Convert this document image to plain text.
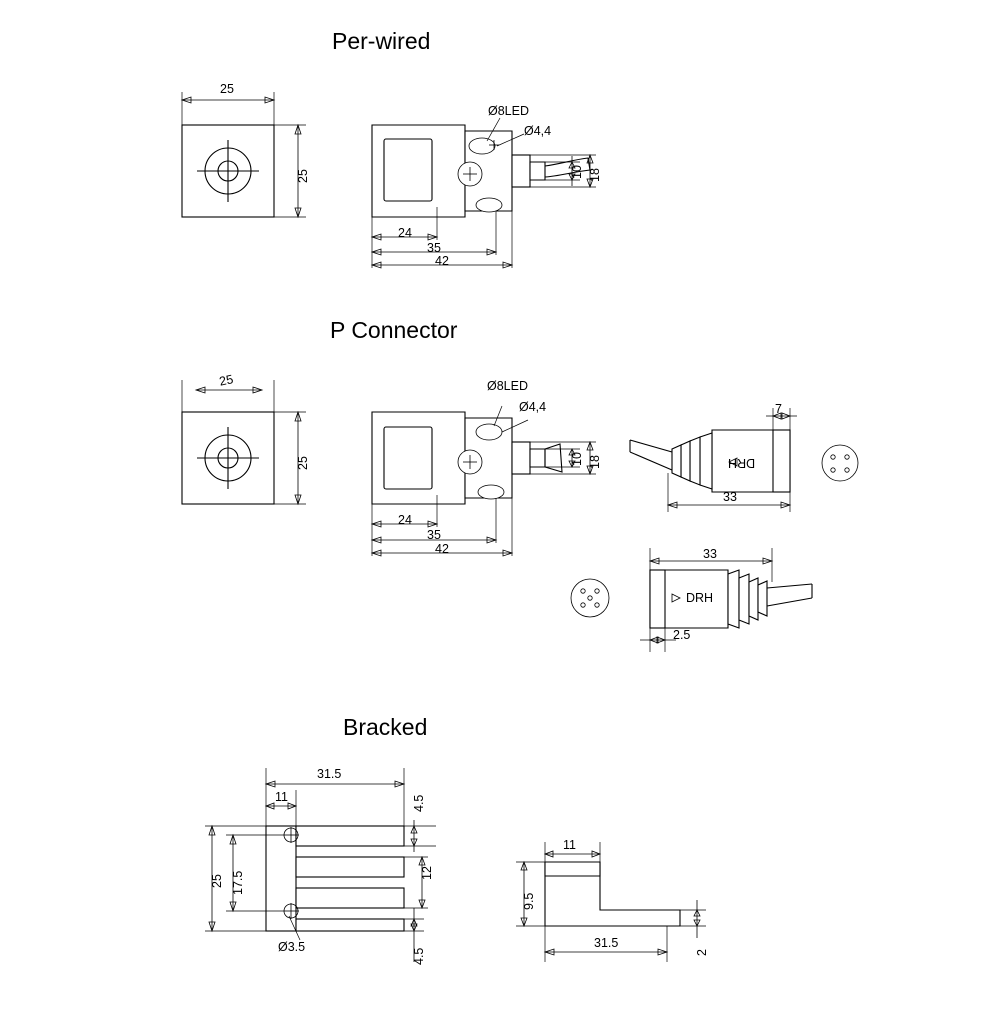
Per-wired
P Connector
Bracked
25
25
Ø8LED
Ø4,4
24
35
42
10 18
25
25
Ø8LED
Ø4,4
24
35
42
10 18	DRH
7
33
DRH
33
2.5
31.5
11
25 17.5
4.5
12
4.5
Ø3.5
11
9.5
31.5
2
